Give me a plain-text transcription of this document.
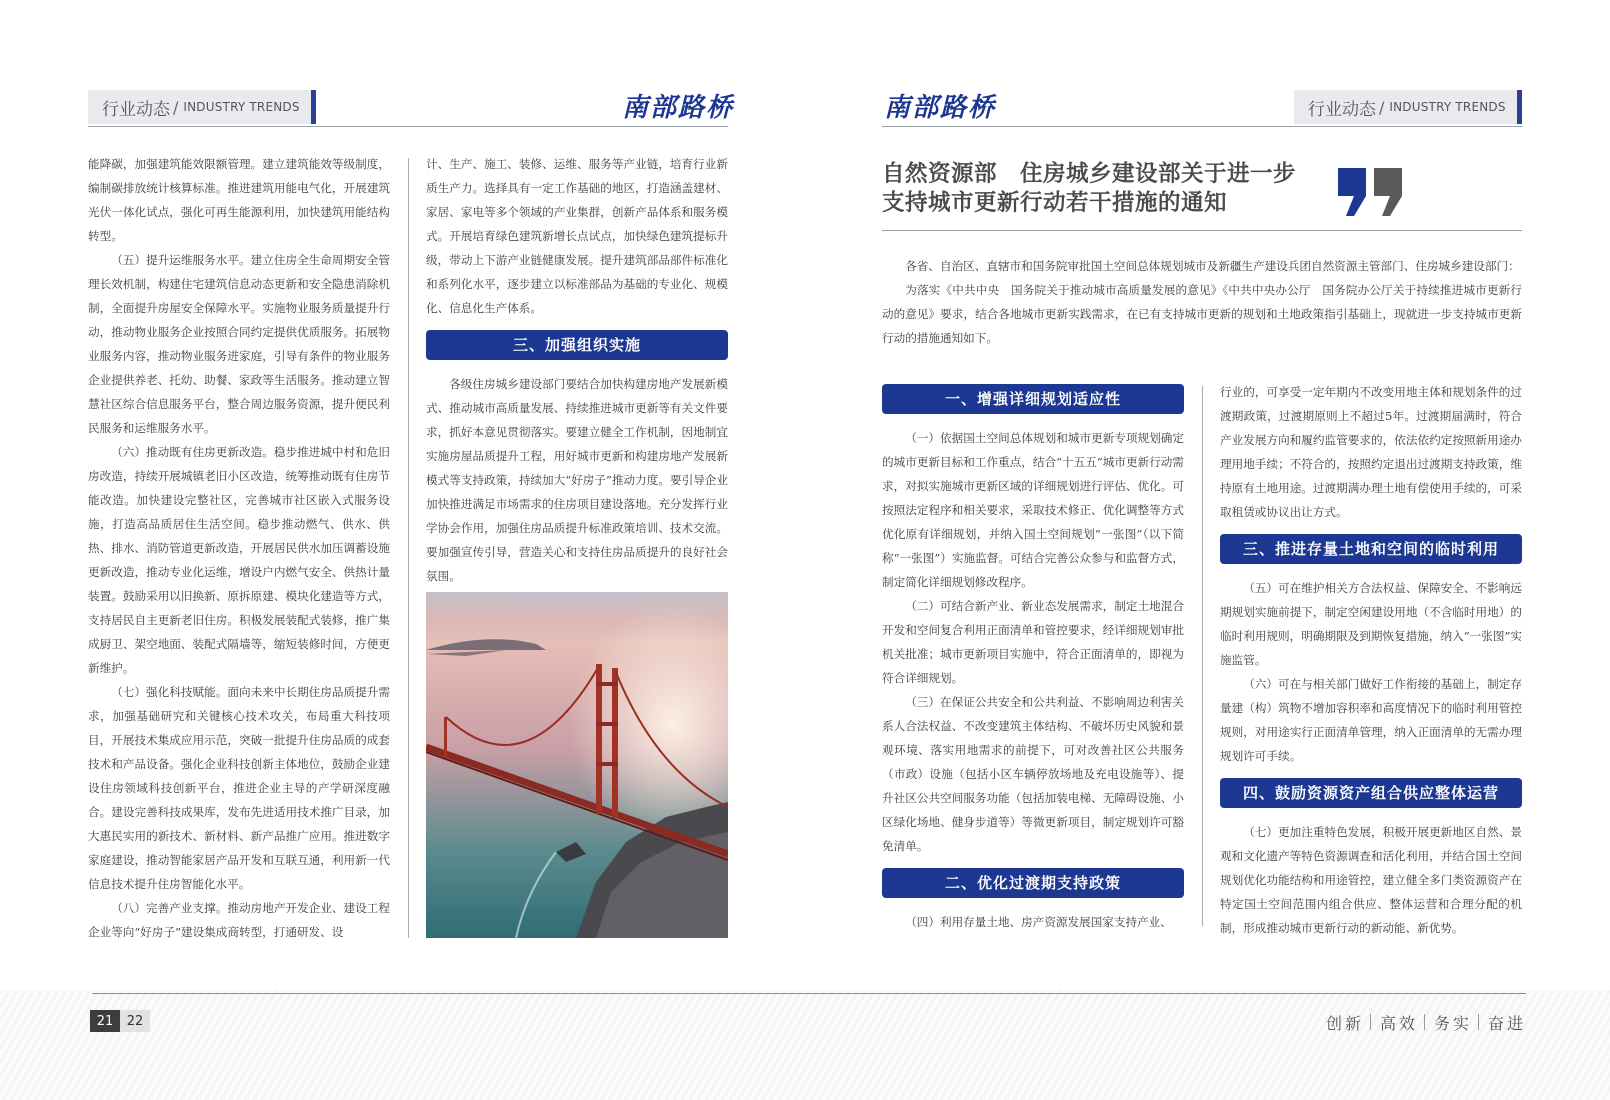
行业动态 / INDUSTRY TRENDS	南部路桥	南部路桥	行业动态 / INDUSTRY TRENDS

能降碳，加强建筑能效限额管理。建立建筑能效等级制度，编制碳排放统计核算标准。推进建筑用能电气化，开展建筑光伏一体化试点，强化可再生能源利用，加快建筑用能结构转型。

（五）提升运维服务水平。建立住房全生命周期安全管理长效机制，构建住宅建筑信息动态更新和安全隐患消除机制，全面提升房屋安全保障水平。实施物业服务质量提升行动，推动物业服务企业按照合同约定提供优质服务。拓展物业服务内容，推动物业服务进家庭，引导有条件的物业服务企业提供养老、托幼、助餐、家政等生活服务。推动建立智慧社区综合信息服务平台，整合周边服务资源，提升便民利民服务和运维服务水平。

（六）推动既有住房更新改造。稳步推进城中村和危旧房改造，持续开展城镇老旧小区改造，统筹推动既有住房节能改造。加快建设完整社区，完善城市社区嵌入式服务设施，打造高品质居住生活空间。稳步推动燃气、供水、供热、排水、消防管道更新改造，开展居民供水加压调蓄设施更新改造，推动专业化运维，增设户内燃气安全、供热计量装置。鼓励采用以旧换新、原拆原建、模块化建造等方式，支持居民自主更新老旧住房。积极发展装配式装修，推广集成厨卫、架空地面、装配式隔墙等，缩短装修时间，方便更新维护。

（七）强化科技赋能。面向未来中长期住房品质提升需求，加强基础研究和关键核心技术攻关，布局重大科技项目，开展技术集成应用示范，突破一批提升住房品质的成套技术和产品设备。强化企业科技创新主体地位，鼓励企业建设住房领域科技创新平台，推进企业主导的产学研深度融合。建设完善科技成果库，发布先进适用技术推广目录，加大惠民实用的新技术、新材料、新产品推广应用。推进数字家庭建设，推动智能家居产品开发和互联互通，利用新一代信息技术提升住房智能化水平。

（八）完善产业支撑。推动房地产开发企业、建设工程企业等向“好房子”建设集成商转型，打通研发、设

计、生产、施工、装修、运维、服务等产业链，培育行业新质生产力。选择具有一定工作基础的地区，打造涵盖建材、家居、家电等多个领域的产业集群，创新产品体系和服务模式。开展培育绿色建筑新增长点试点，加快绿色建筑提标升级，带动上下游产业链健康发展。提升建筑部品部件标准化和系列化水平，逐步建立以标准部品为基础的专业化、规模化、信息化生产体系。

三、加强组织实施

各级住房城乡建设部门要结合加快构建房地产发展新模式、推动城市高质量发展、持续推进城市更新等有关文件要求，抓好本意见贯彻落实。要建立健全工作机制，因地制宜实施房屋品质提升工程，用好城市更新和构建房地产发展新模式等支持政策，持续加大“好房子”推动力度。要引导企业加快推进满足市场需求的住房项目建设落地。充分发挥行业学协会作用，加强住房品质提升标准政策培训、技术交流。要加强宣传引导，营造关心和支持住房品质提升的良好社会氛围。

自然资源部　住房城乡建设部关于进一步
支持城市更新行动若干措施的通知

各省、自治区、直辖市和国务院审批国土空间总体规划城市及新疆生产建设兵团自然资源主管部门、住房城乡建设部门：

为落实《中共中央　国务院关于推动城市高质量发展的意见》《中共中央办公厅　国务院办公厅关于持续推进城市更新行动的意见》要求，结合各地城市更新实践需求，在已有支持城市更新的规划和土地政策指引基础上，现就进一步支持城市更新行动的措施通知如下。

一、增强详细规划适应性

（一）依据国土空间总体规划和城市更新专项规划确定的城市更新目标和工作重点，结合“十五五”城市更新行动需求，对拟实施城市更新区域的详细规划进行评估、优化。可按照法定程序和相关要求，采取技术修正、优化调整等方式优化原有详细规划，并纳入国土空间规划“一张图”（以下简称“一张图”）实施监督。可结合完善公众参与和监督方式，制定简化详细规划修改程序。

（二）可结合新产业、新业态发展需求，制定土地混合开发和空间复合利用正面清单和管控要求，经详细规划审批机关批准；城市更新项目实施中，符合正面清单的，即视为符合详细规划。

（三）在保证公共安全和公共利益、不影响周边利害关系人合法权益、不改变建筑主体结构、不破坏历史风貌和景观环境、落实用地需求的前提下，可对改善社区公共服务（市政）设施（包括小区车辆停放场地及充电设施等）、提升社区公共空间服务功能（包括加装电梯、无障碍设施、小区绿化场地、健身步道等）等微更新项目，制定规划许可豁免清单。

二、优化过渡期支持政策

（四）利用存量土地、房产资源发展国家支持产业、

行业的，可享受一定年期内不改变用地主体和规划条件的过渡期政策，过渡期原则上不超过5年。过渡期届满时，符合产业发展方向和履约监管要求的，依法依约定按照新用途办理用地手续；不符合的，按照约定退出过渡期支持政策，维持原有土地用途。过渡期满办理土地有偿使用手续的，可采取租赁或协议出让方式。

三、推进存量土地和空间的临时利用

（五）可在维护相关方合法权益、保障安全、不影响远期规划实施前提下，制定空闲建设用地（不含临时用地）的临时利用规则，明确期限及到期恢复措施，纳入“一张图”实施监管。

（六）可在与相关部门做好工作衔接的基础上，制定存量建（构）筑物不增加容积率和高度情况下的临时利用管控规则，对用途实行正面清单管理，纳入正面清单的无需办理规划许可手续。

四、鼓励资源资产组合供应整体运营

（七）更加注重特色发展，积极开展更新地区自然、景观和文化遗产等特色资源调查和活化利用，并结合国土空间规划优化功能结构和用途管控，建立健全多门类资源资产在特定国土空间范围内组合供应、整体运营和合理分配的机制，形成推动城市更新行动的新动能、新优势。

21	22	创新 高效 务实 奋进
